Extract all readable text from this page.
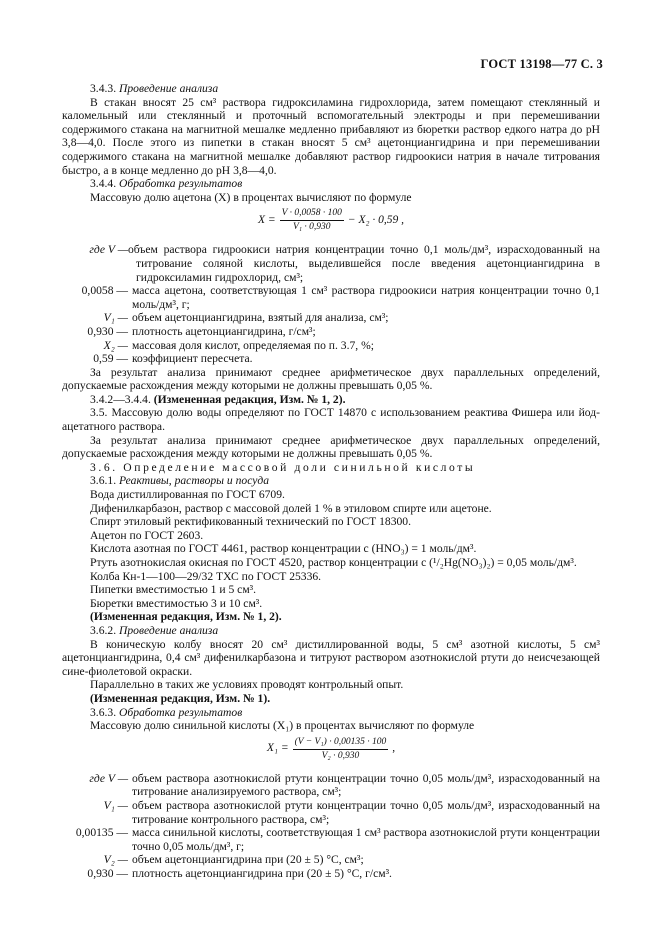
ГОСТ 13198—77 С. 3

3.4.3. Проведение анализа

В стакан вносят 25 см³ раствора гидроксиламина гидрохлорида, затем помещают стеклянный и каломельный или стеклянный и проточный вспомогательный электроды и при перемешивании содержимого стакана на магнитной мешалке медленно прибавляют из бюретки раствор едкого натра до рН 3,8—4,0. После этого из пипетки в стакан вносят 5 см³ ацетонциангидрина и при перемешивании содержимого стакана на магнитной мешалке добавляют раствор гидроокиси натрия в начале титрования быстро, а в конце медленно до рН 3,8—4,0.

3.4.4. Обработка результатов

Массовую долю ацетона (X) в процентах вычисляют по формуле

$X = \frac{V \cdot 0,0058 \cdot 100}{\text{V₁ · 0,930}} - X_2 \cdot 0,59$ ,
где V — объем раствора гидроокиси натрия концентрации точно 0,1 моль/дм³, израсходованный на титрование соляной кислоты, выделившейся после введения ацетонциангидрина в гидроксиламин гидрохлорид, см³;
0,0058 — масса ацетона, соответствующая 1 см³ раствора гидроокиси натрия концентрации точно 0,1 моль/дм³, г;
V₁ — объем ацетонциангидрина, взятый для анализа, см³;
0,930 — плотность ацетонциангидрина, г/см³;
X₂ — массовая доля кислот, определяемая по п. 3.7, %;
0,59 — коэффициент пересчета.

За результат анализа принимают среднее арифметическое двух параллельных определений, допускаемые расхождения между которыми не должны превышать 0,05 %.

3.4.2—3.4.4. (Измененная редакция, Изм. № 1, 2).

3.5. Массовую долю воды определяют по ГОСТ 14870 с использованием реактива Фишера или йод-ацетатного раствора.

За результат анализа принимают среднее арифметическое двух параллельных определений, допускаемые расхождения между которыми не должны превышать 0,05 %.

3.6. Определение массовой доли синильной кислоты

3.6.1. Реактивы, растворы и посуда

Вода дистиллированная по ГОСТ 6709.

Дифенилкарбазон, раствор с массовой долей 1 % в этиловом спирте или ацетоне.

Спирт этиловый ректификованный технический по ГОСТ 18300.

Ацетон по ГОСТ 2603.

Кислота азотная по ГОСТ 4461, раствор концентрации с (HNO₃) = 1 моль/дм³.

Ртуть азотнокислая окисная по ГОСТ 4520, раствор концентрации с (¹/₂Hg(NO₃)₂) = 0,05 моль/дм³.

Колба Кн-1—100—29/32 ТХС по ГОСТ 25336.

Пипетки вместимостью 1 и 5 см³.

Бюретки вместимостью 3 и 10 см³.

(Измененная редакция, Изм. № 1, 2).

3.6.2. Проведение анализа

В коническую колбу вносят 20 см³ дистиллированной воды, 5 см³ азотной кислоты, 5 см³ ацетонциангидрина, 0,4 см³ дифенилкарбазона и титруют раствором азотнокислой ртути до неисчезающей сине-фиолетовой окраски.

Параллельно в таких же условиях проводят контрольный опыт.

(Измененная редакция, Изм. № 1).

3.6.3. Обработка результатов

Массовую долю синильной кислоты (X₁) в процентах вычисляют по формуле

$X_1 = \frac{\text{(V − V₁) · 0,00135 · 100}}{\text{V₂ · 0,930}}$ ,
где V — объем раствора азотнокислой ртути концентрации точно 0,05 моль/дм³, израсходованный на титрование анализируемого раствора, см³;
V₁ — объем раствора азотнокислой ртути концентрации точно 0,05 моль/дм³, израсходованный на титрование контрольного раствора, см³;
0,00135 — масса синильной кислоты, соответствующая 1 см³ раствора азотнокислой ртути концентрации точно 0,05 моль/дм³, г;
V₂ — объем ацетонциангидрина при (20 ± 5) °С, см³;
0,930 — плотность ацетонциангидрина при (20 ± 5) °С, г/см³.
